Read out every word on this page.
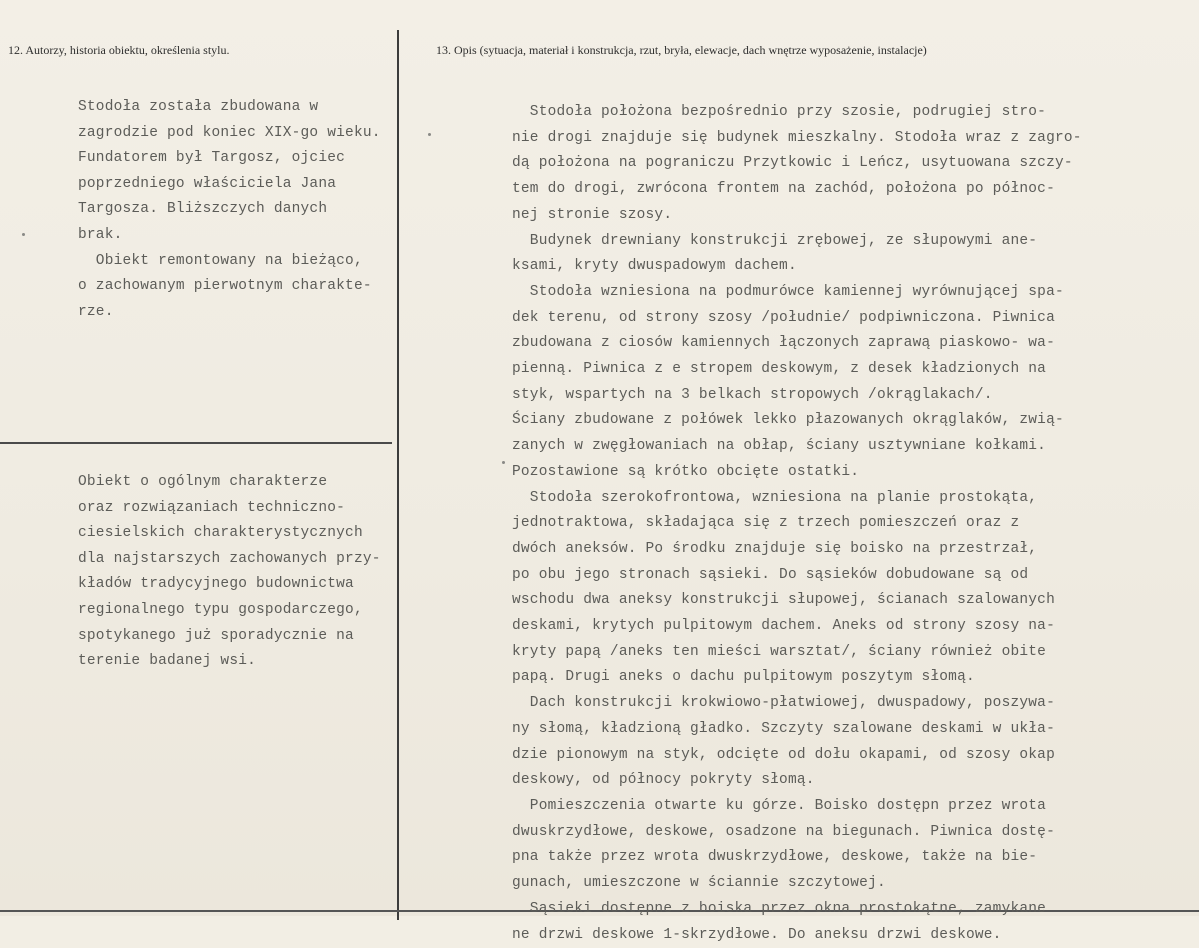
12. Autorzy, historia obiektu, określenia stylu.	13. Opis (sytuacja, materiał i konstrukcja, rzut, bryła, elewacje, dach wnętrze wyposażenie, instalacje)
Stodoła została zbudowana w
zagrodzie pod koniec XIX-go wieku.
Fundatorem był Targosz, ojciec
poprzedniego właściciela Jana
Targosza. Bliższczych danych
brak.
Obiekt remontowany na bieżąco,
o zachowanym pierwotnym charakte-
rze.
Obiekt o ogólnym charakterze
oraz rozwiązaniach techniczno-
ciesielskich charakterystycznych
dla najstarszych zachowanych przy-
kładów tradycyjnego budownictwa
regionalnego typu gospodarczego,
spotykanego już sporadycznie na
terenie badanej wsi.
Stodoła położona bezpośrednio przy szosie, podrugiej stro-
nie drogi znajduje się budynek mieszkalny. Stodoła wraz z zagro-
dą położona na pograniczu Przytkowic i Leńcz, usytuowana szczy-
tem do drogi, zwrócona frontem na zachód, położona po północ-
nej stronie szosy.
Budynek drewniany konstrukcji zrębowej, ze słupowymi ane-
ksami, kryty dwuspadowym dachem.
Stodoła wzniesiona na podmurówce kamiennej wyrównującej spa-
dek terenu, od strony szosy /południe/ podpiwniczona. Piwnica
zbudowana z ciosów kamiennych łączonych zaprawą piaskowo- wa-
pienną. Piwnica z e stropem deskowym, z desek kładzionych na
styk, wspartych na 3 belkach stropowych /okrąglakach/.
Ściany zbudowane z połówek lekko płazowanych okrąglaków, zwią-
zanych w zwęgłowaniach na obłap, ściany usztywniane kołkami.
Pozostawione są krótko obcięte ostatki.
Stodoła szerokofrontowa, wzniesiona na planie prostokąta,
jednotraktowa, składająca się z trzech pomieszczeń oraz z
dwóch aneksów. Po środku znajduje się boisko na przestrzał,
po obu jego stronach sąsieki. Do sąsieków dobudowane są od
wschodu dwa aneksy konstrukcji słupowej, ścianach szalowanych
deskami, krytych pulpitowym dachem. Aneks od strony szosy na-
kryty papą /aneks ten mieści warsztat/, ściany również obite
papą. Drugi aneks o dachu pulpitowym poszytym słomą.
Dach konstrukcji krokwiowo-płatwiowej, dwuspadowy, poszywa-
ny słomą, kładzioną gładko. Szczyty szalowane deskami w ukła-
dzie pionowym na styk, odcięte od dołu okapami, od szosy okap
deskowy, od północy pokryty słomą.
Pomieszczenia otwarte ku górze. Boisko dostępn przez wrota
dwuskrzydłowe, deskowe, osadzone na biegunach. Piwnica dostę-
pna także przez wrota dwuskrzydłowe, deskowe, także na bie-
gunach, umieszczone w ściannie szczytowej.
Sąsieki dostępne z boiska przez okna prostokątne, zamykane
ne drzwi deskowe 1-skrzydłowe. Do aneksu drzwi deskowe.
